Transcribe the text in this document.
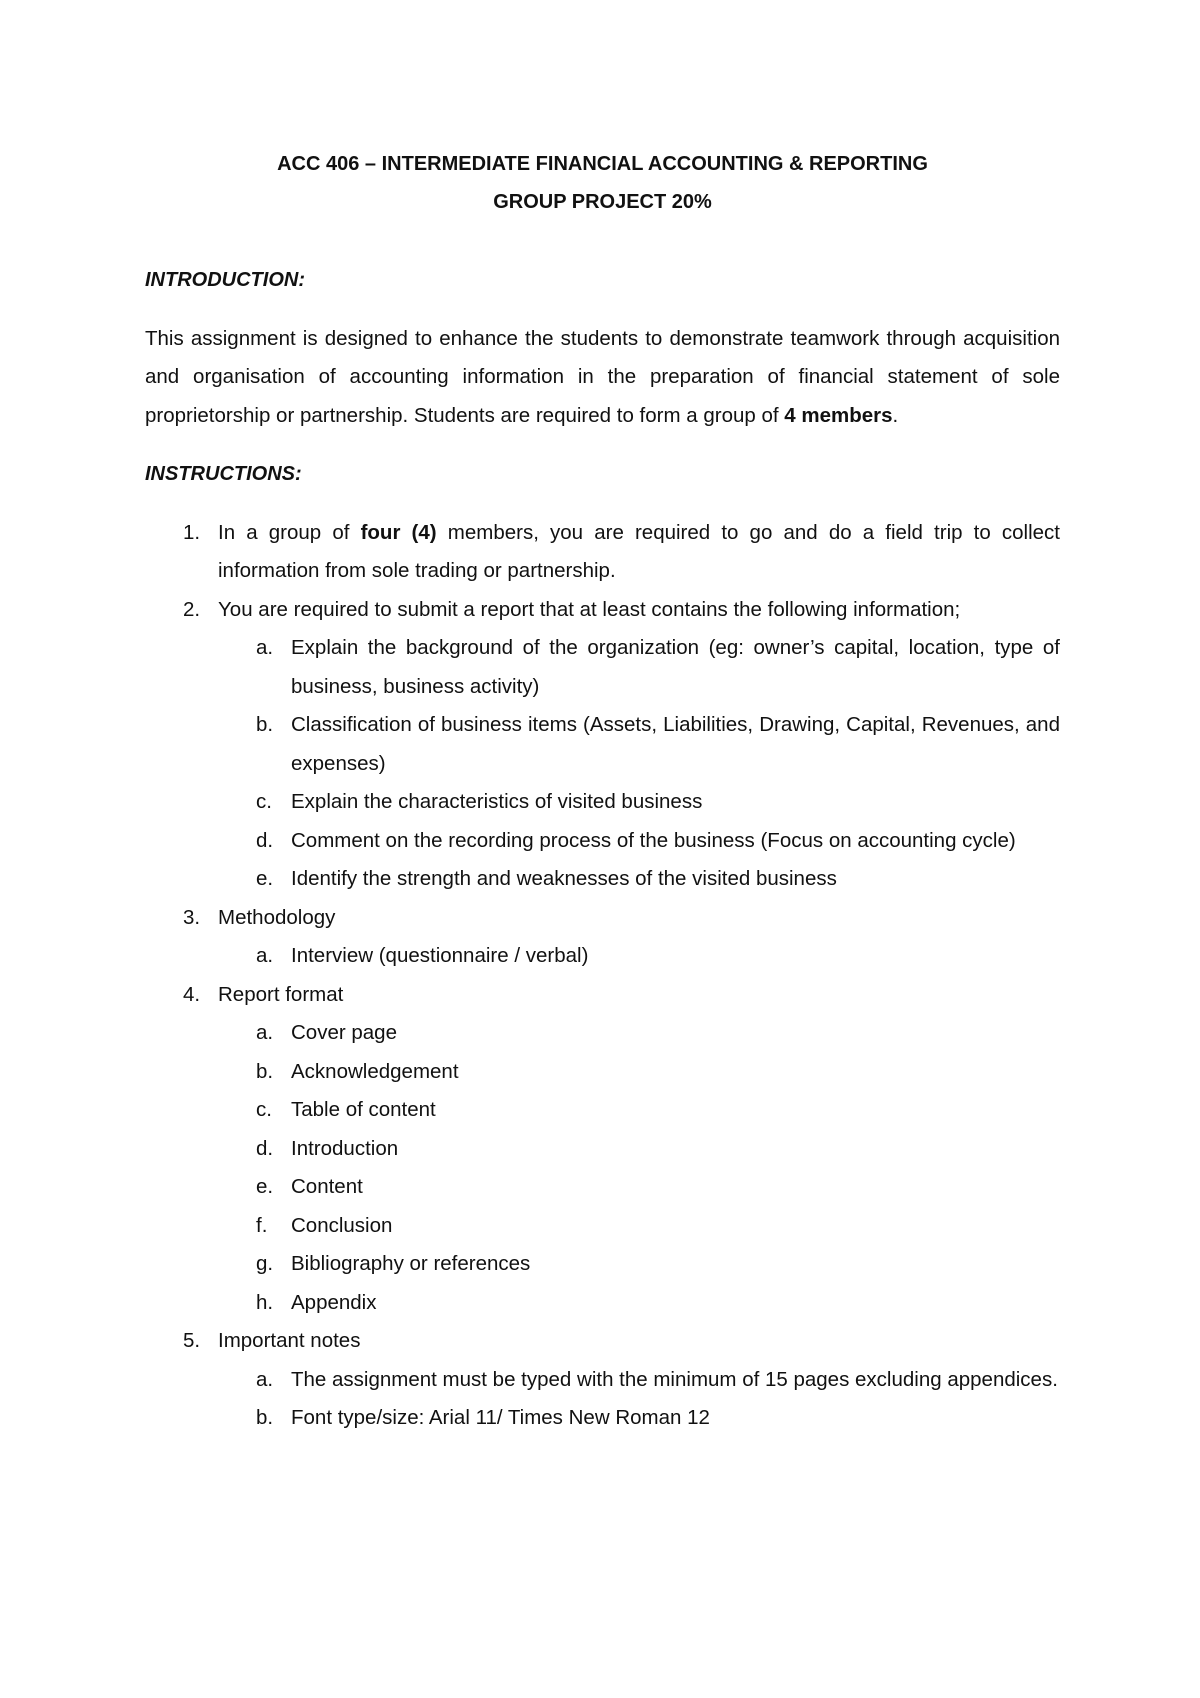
ACC 406 – INTERMEDIATE FINANCIAL ACCOUNTING & REPORTING

GROUP PROJECT 20%

INTRODUCTION:

This assignment is designed to enhance the students to demonstrate teamwork through acquisition and organisation of accounting information in the preparation of financial statement of sole proprietorship or partnership. Students are required to form a group of 4 members.

INSTRUCTIONS:

1. In a group of four (4) members, you are required to go and do a field trip to collect information from sole trading or partnership.
2. You are required to submit a report that at least contains the following information;
a. Explain the background of the organization (eg: owner’s capital, location, type of business, business activity)
b. Classification of business items (Assets, Liabilities, Drawing, Capital, Revenues, and expenses)
c. Explain the characteristics of visited business
d. Comment on the recording process of the business (Focus on accounting cycle)
e. Identify the strength and weaknesses of the visited business
3. Methodology
a. Interview (questionnaire / verbal)
4. Report format
a. Cover page
b. Acknowledgement
c. Table of content
d. Introduction
e. Content
f. Conclusion
g. Bibliography or references
h. Appendix
5. Important notes
a. The assignment must be typed with the minimum of 15 pages excluding appendices.
b. Font type/size: Arial 11/ Times New Roman 12
